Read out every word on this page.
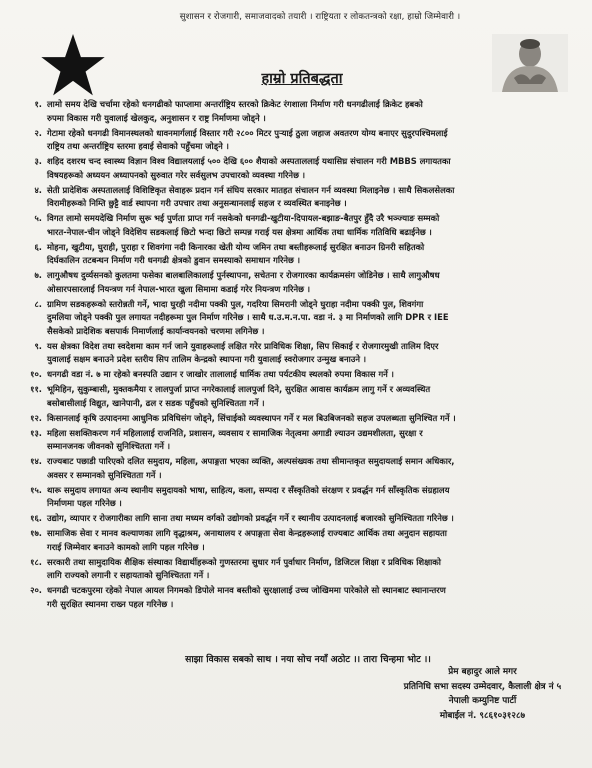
सुशासन र रोजगारी, समाजवादको तयारी । राष्ट्रियता र लोकतन्त्रको रक्षा, हाम्रो जिम्मेवारी ।
हाम्रो प्रतिबद्धता
१. लामो समय देखि चर्चामा रहेको धनगढीको फाप्लामा अन्तर्राष्ट्रिय स्तरको क्रिकेट रंगशाला निर्माण गरी धनगढीलाई क्रिकेट हबको
रुपमा विकास गरी युवालाई खेलकुद, अनुशासन र राष्ट्र निर्माणमा जोड्ने ।
२. गेटामा रहेको धनगढी विमानस्थलको धावनमार्गलाई विस्तार गरी २८०० मिटर पुर्‍याई ठुला जहाज अवतरण योग्य बनाएर सुदुरपश्चिमलाई
राष्ट्रिय तथा अन्तर्राष्ट्रिय स्तरमा हवाई सेवाको पहुँचमा जोड्ने ।
३. शहिद दशरथ चन्द स्वास्थ्य विज्ञान विश्व विद्यालयलाई ५०० देखि ६०० शैयाको अस्पताललाई यथासिघ्र संचालन गरी MBBS लगायतका
विषयहरूको अध्ययन अध्यापनको सुरुवात गरेर सर्वसुलभ उपचारको व्यवस्था गरिनेछ ।
४. सेती प्रादेशिक अस्पताललाई विशिष्टिकृत सेवाहरू प्रदान गर्न संघिय सरकार मातहत संचालन गर्न व्यवस्था मिलाइनेछ । साथै सिकलसेलका
विरामीहरूको निम्ति छुट्टै वार्ड स्थापना गरी उपचार तथा अनुसन्धानलाई सहज र व्यवस्थित बनाइनेछ ।
५. विगत लामो समयदेखि निर्माण सुरू भई पुर्णता प्राप्त गर्न नसकेको धनगढी-खुटीया-दिपायल-बझाङ-बैतपुर हुँदै उरै भञ्ज्याङ सम्मको
भारत-नेपाल-चीन जोड्ने विदेशिय सडकलाई छिटो भन्दा छिटो सम्पन्न गराई यस क्षेत्रमा आर्थिक तथा धार्मिक गतिविधि बढाईनेछ ।
६. मोहना, खुटीया, घुराही, पुराहा र शिवगंगा नदी किनारका खेती योग्य जमिन तथा बस्तीहरूलाई सुरक्षित बनाउन ग्रिनरी सहितको
दिर्घकालिन तटबन्धन निर्माण गरी धनगढी क्षेत्रको डुवान समस्याको समाधान गरिनेछ ।
७. लागुऔषध दुर्व्यसनको कुलतमा फसेका बालबालिकालाई पुर्नस्थापना, सचेतना र रोजगारका कार्यक्रमसंग जोडिनेछ । साथै लागुऔषध
ओसारपसारलाई नियन्त्रण गर्न नेपाल-भारत खुला सिमामा कडाई गरेर नियन्त्रण गरिनेछ ।
८. ग्रामिण सडकहरूको स्तरोन्नती गर्ने, भादा घुरही नदीमा पक्की पुल, गदरिया सिमरानी जोड्ने घुराहा नदीमा पक्की पुल, शिवगंगा
दुमलिया जोड्ने पक्की पुल लगायत नदीहरूमा पुल निर्माण गरिनेछ । साथै ध.उ.म.न.पा. वडा नं. ३ मा निर्माणको लागि DPR र IEE
सैसकेको प्रादेशिक बसपार्क निमार्णलाई कार्यान्वयनको चरणमा लगिनेछ ।
९. यस क्षेत्रका विदेश तथा स्वदेशमा काम गर्न जाने युवाहरूलाई लक्षित गरेर प्राविधिक शिक्षा, सिप सिकाई र रोजगारमुखी तालिम दिएर
युवालाई सक्षम बनाउने प्रदेश स्तरीय सिप तालिम केन्द्रको स्थापना गरी युवालाई स्वरोजगार उन्मुख बनाउने ।
१०. धनगढी वडा नं. ७ मा रहेको बनस्पति उद्यान र जाखोर तालालाई धार्मिक तथा पर्यटकीय स्थलको रुपमा विकास गर्ने ।
११. भूमिहिन, सुकुम्बासी, मुक्तकमैया र लालपुर्जा प्राप्त नगरेकालाई लालपुर्जा दिने, सुरक्षित आवास कार्यक्रम लागु गर्ने र अव्यवस्थित
बसोबासीलाई विद्युत, खानेपानी, ढल र सडक पहुँचको सुनिश्चितता गर्ने ।
१२. किसानलाई कृषि उत्पादनमा आधुनिक प्रविधिसंग जोड्ने, सिंचाईको व्यवस्थापन गर्ने र मल बिउबिजनको सहज उपलब्धता सुनिश्चित गर्ने ।
१३. महिला सशक्तिकरण गर्न महिलालाई राजनिति, प्रशासन, व्यवसाय र सामाजिक नेतृत्वमा अगाडी ल्याउन उद्यमशीलता, सुरक्षा र
सम्मानजनक जीवनको सुनिश्चितता गर्ने ।
१४. राज्यबाट पछाडी पारिएको दलित समुदाय, महिला, अपाङ्गता भएका व्यक्ति, अल्पसंख्यक तथा सीमान्तकृत समुदायलाई समान अधिकार,
अवसर र सम्मानको सुनिश्चितता गर्ने ।
१५. थारू समुदाय लगायत अन्य स्थानीय समुदायको भाषा, साहित्य, कला, सम्पदा र सँस्कृतिको संरक्षण र प्रवर्द्धन गर्न साँस्कृतिक संग्रहालय
निर्माणमा पहल गरिनेछ ।
१६. उद्योग, व्यापार र रोजगारीका लागि साना तथा मध्यम वर्गको उद्योगको प्रवर्द्धन गर्ने र स्थानीय उत्पादनलाई बजारको सुनिश्चितता गरिनेछ ।
१७. सामाजिक सेवा र मानव कल्याणका लागि वृद्धाश्रम, अनाथालय र अपाङ्गता सेवा केन्द्रहरूलाई राज्यबाट आर्थिक तथा अनुदान सहायता
गराई जिम्मेवार बनाउने कामको लागि पहल गरिनेछ ।
१८. सरकारी तथा सामुदायिक शैक्षिक संस्थाका विद्यार्थीहरूको गुणस्तरमा सुधार गर्न पुर्वाधार निर्माण, डिजिटल शिक्षा र प्रविधिक शिक्षाको
लागि राज्यको लगानी र सहायताको सुनिश्चितता गर्ने ।
२०. धनगढी चटकपुरमा रहेको नेपाल आयल निगमको डिपोले मानव बस्तीको सुरक्षालाई उच्च जोखिममा पारेकोले सो स्थानबाट स्थानान्तरण
गरी सुरक्षित स्थानमा राख्न पहल गरिनेछ ।
साझा विकास सबको साथ । नया सोच नयाँ अठोट ।। तारा चिन्हमा भोट ।।
प्रेम बहादुर आले मगर
प्रतिनिधि सभा सदस्य उम्मेदवार, कैलाली क्षेत्र नं ५
नेपाली कम्युनिष्ट पार्टी
मोबाईल नं. ९८६१०३१२८७
